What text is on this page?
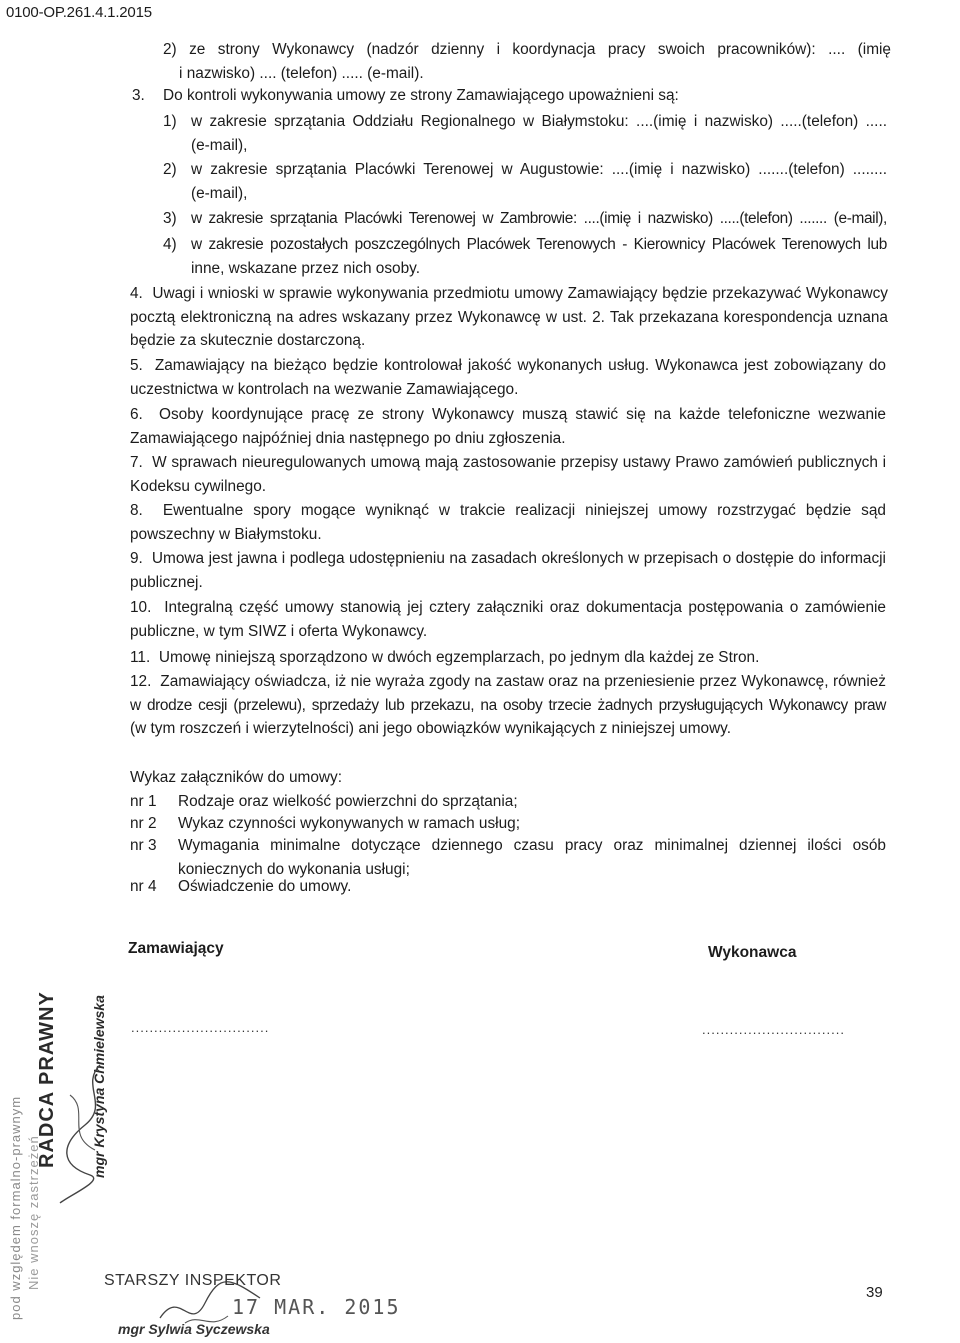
0100-OP.261.4.1.2015
2) ze strony Wykonawcy (nadzór dzienny i koordynacja pracy swoich pracowników): .... (imię
i nazwisko) .... (telefon) ..... (e-mail).
3. Do kontroli wykonywania umowy ze strony Zamawiającego upoważnieni są:
1) w zakresie sprzątania Oddziału Regionalnego w Białymstoku: ....(imię i nazwisko) .....(telefon) .....
(e-mail),
2) w zakresie sprzątania Placówki Terenowej w Augustowie: ....(imię i nazwisko) .......(telefon) ........
(e-mail),
3) w zakresie sprzątania Placówki Terenowej w Zambrowie: ....(imię i nazwisko) .....(telefon) ....... (e-mail),
4) w zakresie pozostałych poszczególnych Placówek Terenowych - Kierownicy Placówek Terenowych lub
inne, wskazane przez nich osoby.
4. Uwagi i wnioski w sprawie wykonywania przedmiotu umowy Zamawiający będzie przekazywać Wykonawcy
pocztą elektroniczną na adres wskazany przez Wykonawcę w ust. 2. Tak przekazana korespondencja uznana
będzie za skutecznie dostarczoną.
5. Zamawiający na bieżąco będzie kontrolował jakość wykonanych usług. Wykonawca jest zobowiązany do
uczestnictwa w kontrolach na wezwanie Zamawiającego.
6. Osoby koordynujące pracę ze strony Wykonawcy muszą stawić się na każde telefoniczne wezwanie
Zamawiającego najpóźniej dnia następnego po dniu zgłoszenia.
7. W sprawach nieuregulowanych umową mają zastosowanie przepisy ustawy Prawo zamówień publicznych i
Kodeksu cywilnego.
8. Ewentualne spory mogące wyniknąć w trakcie realizacji niniejszej umowy rozstrzygać będzie sąd
powszechny w Białymstoku.
9. Umowa jest jawna i podlega udostępnieniu na zasadach określonych w przepisach o dostępie do informacji
publicznej.
10. Integralną część umowy stanowią jej cztery załączniki oraz dokumentacja postępowania o zamówienie
publiczne, w tym SIWZ i oferta Wykonawcy.
11. Umowę niniejszą sporządzono w dwóch egzemplarzach, po jednym dla każdej ze Stron.
12. Zamawiający oświadcza, iż nie wyraża zgody na zastaw oraz na przeniesienie przez Wykonawcę, również
w drodze cesji (przelewu), sprzedaży lub przekazu, na osoby trzecie żadnych przysługujących Wykonawcy praw
(w tym roszczeń i wierzytelności) ani jego obowiązków wynikających z niniejszej umowy.
Wykaz załączników do umowy:
nr 1 Rodzaje oraz wielkość powierzchni do sprzątania;
nr 2 Wykaz czynności wykonywanych w ramach usług;
nr 3 Wymagania minimalne dotyczące dziennego czasu pracy oraz minimalnej dziennej ilości osób
koniecznych do wykonania usługi;
nr 4 Oświadczenie do umowy.
Zamawiający	Wykonawca
..............................	...............................
RADCA PRAWNY mgr Krystyna Chmielewska
pod względem formalno-prawnym Nie wnoszę zastrzeżeń	STARSZY INSPEKTOR
17 MAR. 2015
mgr Sylwia Syczewska
39
